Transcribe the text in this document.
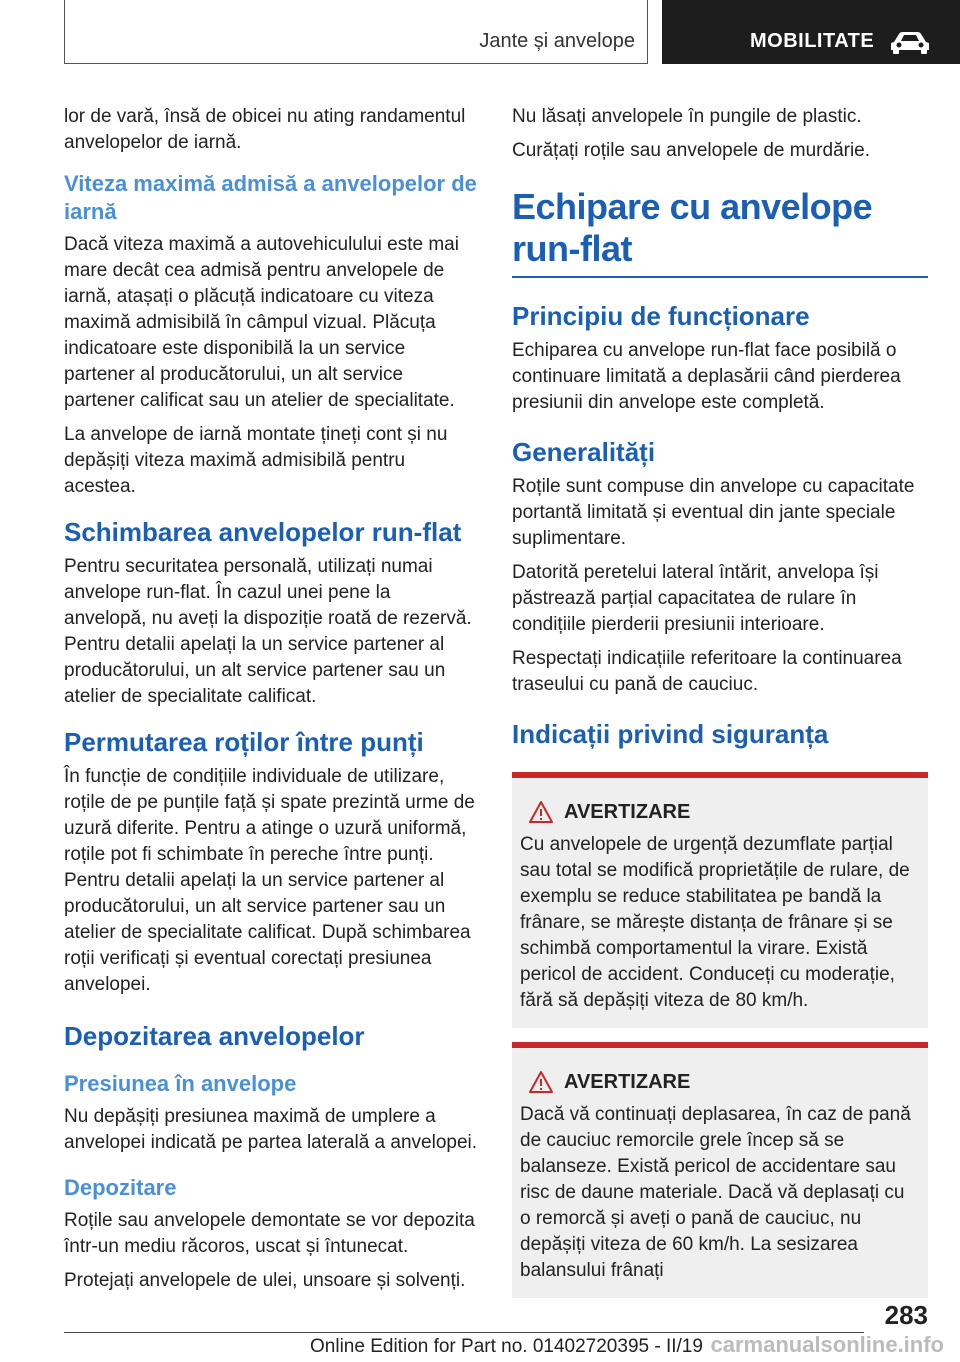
Jante și anvelope	MOBILITATE

lor de vară, însă de obicei nu ating randamentul anvelopelor de iarnă.

Viteza maximă admisă a anvelopelor de iarnă

Dacă viteza maximă a autovehiculului este mai mare decât cea admisă pentru anvelopele de iarnă, atașați o plăcuță indicatoare cu viteza maximă admisibilă în câmpul vizual. Plăcuța indicatoare este disponibilă la un service partener al producătorului, un alt service partener calificat sau un atelier de specialitate.

La anvelope de iarnă montate țineți cont și nu depășiți viteza maximă admisibilă pentru acestea.

Schimbarea anvelopelor run-flat

Pentru securitatea personală, utilizați numai anvelope run-flat. În cazul unei pene la anvelopă, nu aveți la dispoziție roată de rezervă. Pentru detalii apelați la un service partener al producătorului, un alt service partener sau un atelier de specialitate calificat.

Permutarea roților între punți

În funcție de condițiile individuale de utilizare, roțile de pe punțile față și spate prezintă urme de uzură diferite. Pentru a atinge o uzură uniformă, roțile pot fi schimbate în pereche între punți. Pentru detalii apelați la un service partener al producătorului, un alt service partener sau un atelier de specialitate calificat. După schimbarea roții verificați și eventual corectați presiunea anvelopei.

Depozitarea anvelopelor
Presiunea în anvelope

Nu depășiți presiunea maximă de umplere a anvelopei indicată pe partea laterală a anvelopei.

Depozitare

Roțile sau anvelopele demontate se vor depozita într-un mediu răcoros, uscat și întunecat.

Protejați anvelopele de ulei, unsoare și solvenți.

Nu lăsați anvelopele în pungile de plastic.

Curățați roțile sau anvelopele de murdărie.

Echipare cu anvelope run-flat
Principiu de funcționare

Echiparea cu anvelope run-flat face posibilă o continuare limitată a deplasării când pierderea presiunii din anvelope este completă.

Generalități

Roțile sunt compuse din anvelope cu capacitate portantă limitată și eventual din jante speciale suplimentare.

Datorită peretelui lateral întărit, anvelopa își păstrează parțial capacitatea de rulare în condițiile pierderii presiunii interioare.

Respectați indicațiile referitoare la continuarea traseului cu pană de cauciuc.

Indicații privind siguranța
AVERTIZARE

Cu anvelopele de urgență dezumflate parțial sau total se modifică proprietățile de rulare, de exemplu se reduce stabilitatea pe bandă la frânare, se mărește distanța de frânare și se schimbă comportamentul la virare. Există pericol de accident. Conduceți cu moderație, fără să depășiți viteza de 80 km/h.

AVERTIZARE

Dacă vă continuați deplasarea, în caz de pană de cauciuc remorcile grele încep să se balanseze. Există pericol de accidentare sau risc de daune materiale. Dacă vă deplasați cu o remorcă și aveți o pană de cauciuc, nu depășiți viteza de 60 km/h. La sesizarea balansului frânați

283
Online Edition for Part no. 01402720395 - II/19 carmanualsonline.info
